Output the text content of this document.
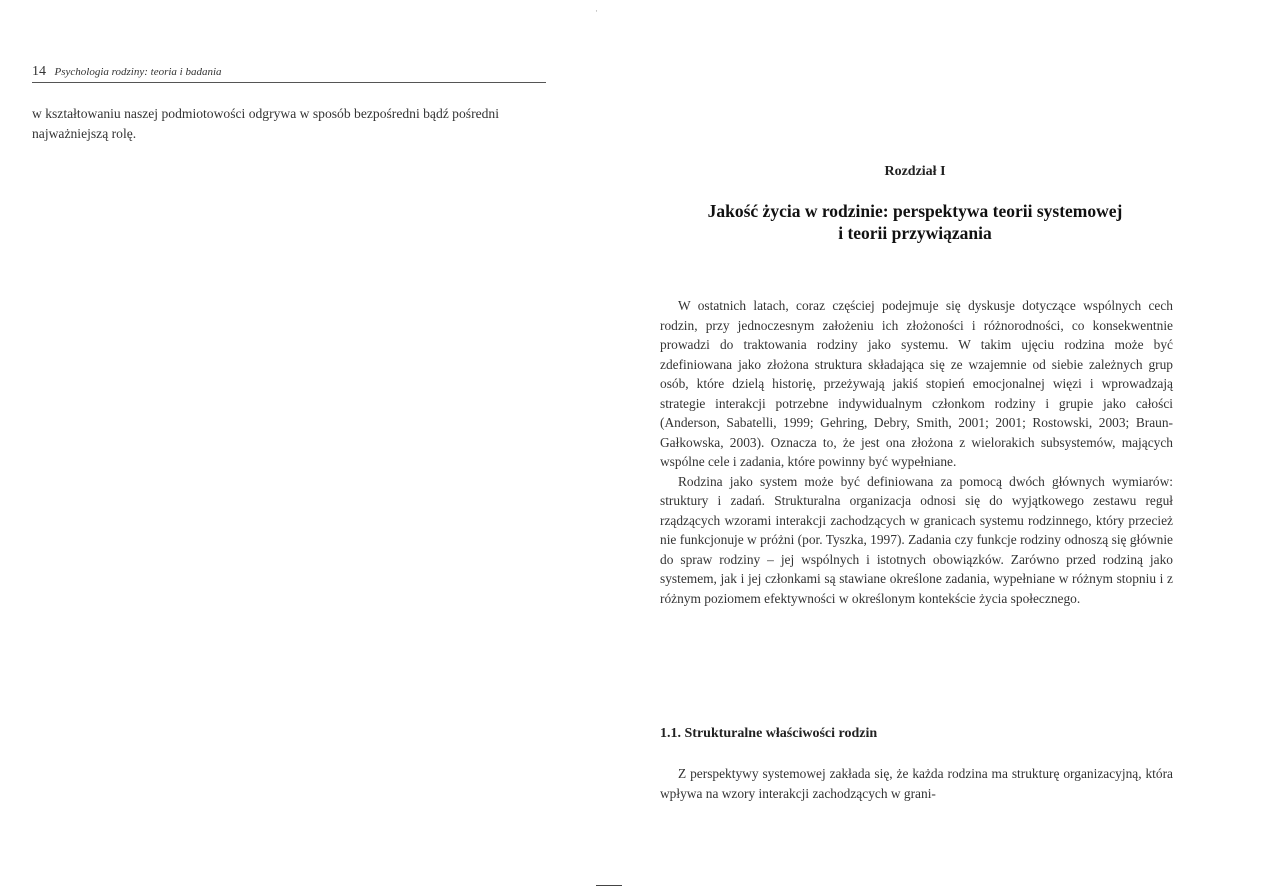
14 Psychologia rodziny: teoria i badania

w kształtowaniu naszej podmiotowości odgrywa w sposób bezpośredni bądź pośredni najważniejszą rolę.

·
Rozdział I
Jakość życia w rodzinie: perspektywa teorii systemowej
i teorii przywiązania

W ostatnich latach, coraz częściej podejmuje się dyskusje dotyczące wspólnych cech rodzin, przy jednoczesnym założeniu ich złożoności i różnorodności, co konsekwentnie prowadzi do traktowania rodziny jako systemu. W takim ujęciu rodzina może być zdefiniowana jako złożona struktura składająca się ze wzajemnie od siebie zależnych grup osób, które dzielą historię, przeżywają jakiś stopień emocjonalnej więzi i wprowadzają strategie interakcji potrzebne indywidualnym członkom rodziny i grupie jako całości (Anderson, Sabatelli, 1999; Gehring, Debry, Smith, 2001; 2001; Rostowski, 2003; Braun-Gałkowska, 2003). Oznacza to, że jest ona złożona z wielorakich subsystemów, mających wspólne cele i zadania, które powinny być wypełniane.

Rodzina jako system może być definiowana za pomocą dwóch głównych wymiarów: struktury i zadań. Strukturalna organizacja odnosi się do wyjątkowego zestawu reguł rządzących wzorami interakcji zachodzących w granicach systemu rodzinnego, który przecież nie funkcjonuje w próżni (por. Tyszka, 1997). Zadania czy funkcje rodziny odnoszą się głównie do spraw rodziny – jej wspólnych i istotnych obowiązków. Zarówno przed rodziną jako systemem, jak i jej członkami są stawiane określone zadania, wypełniane w różnym stopniu i z różnym poziomem efektywności w określonym kontekście życia społecznego.

1.1. Strukturalne właściwości rodzin

Z perspektywy systemowej zakłada się, że każda rodzina ma strukturę organizacyjną, która wpływa na wzory interakcji zachodzących w grani-
